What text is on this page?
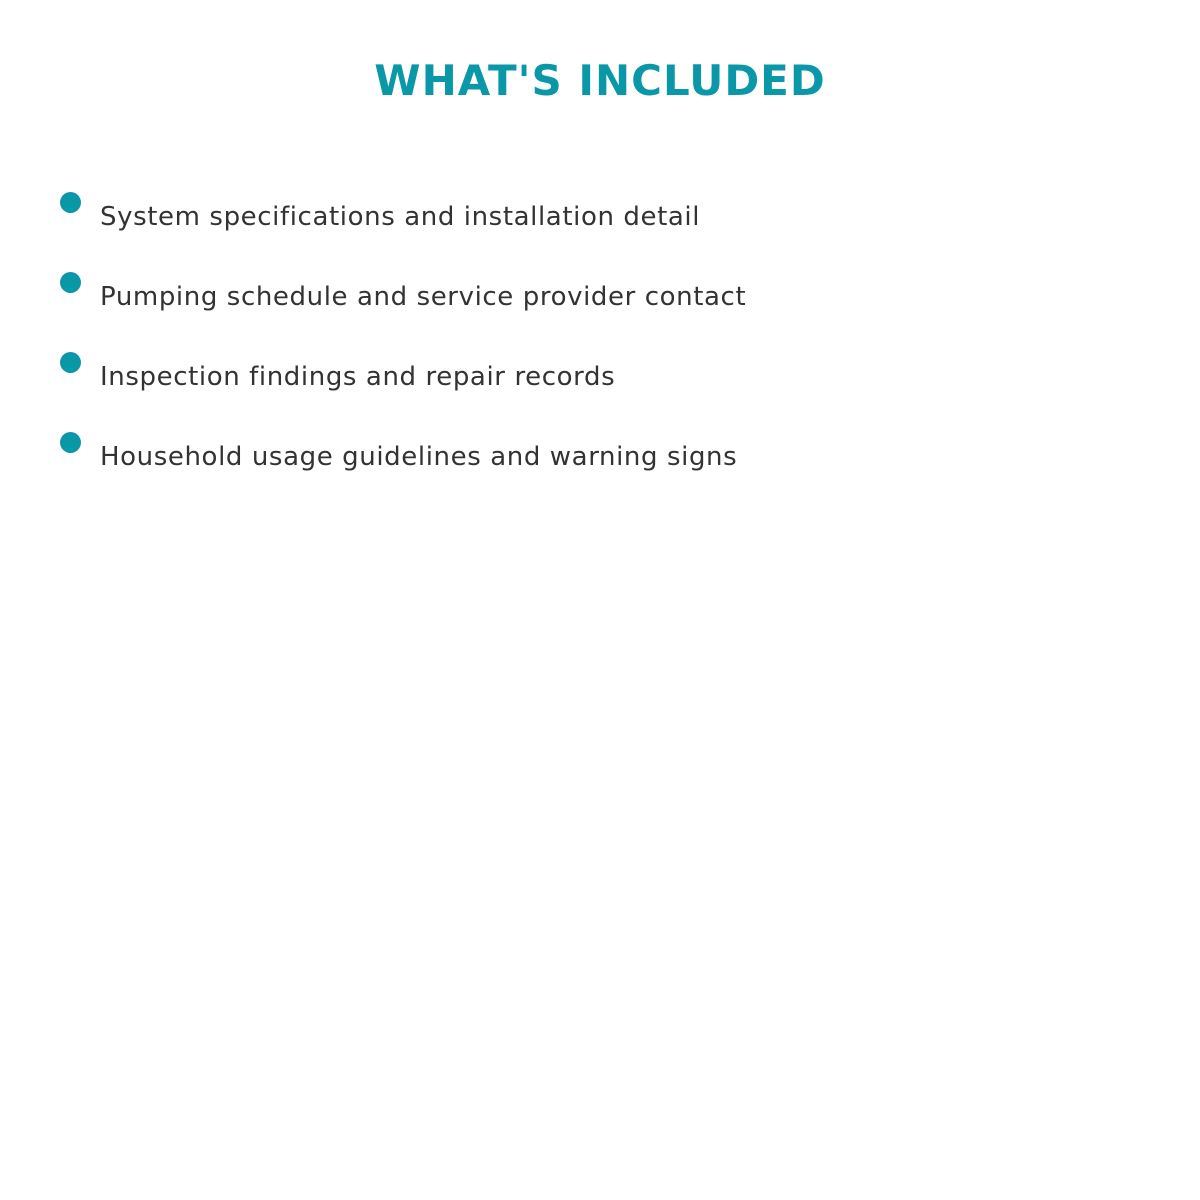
WHAT'S INCLUDED
System specifications and installation detail
Pumping schedule and service provider contact
Inspection findings and repair records
Household usage guidelines and warning signs
